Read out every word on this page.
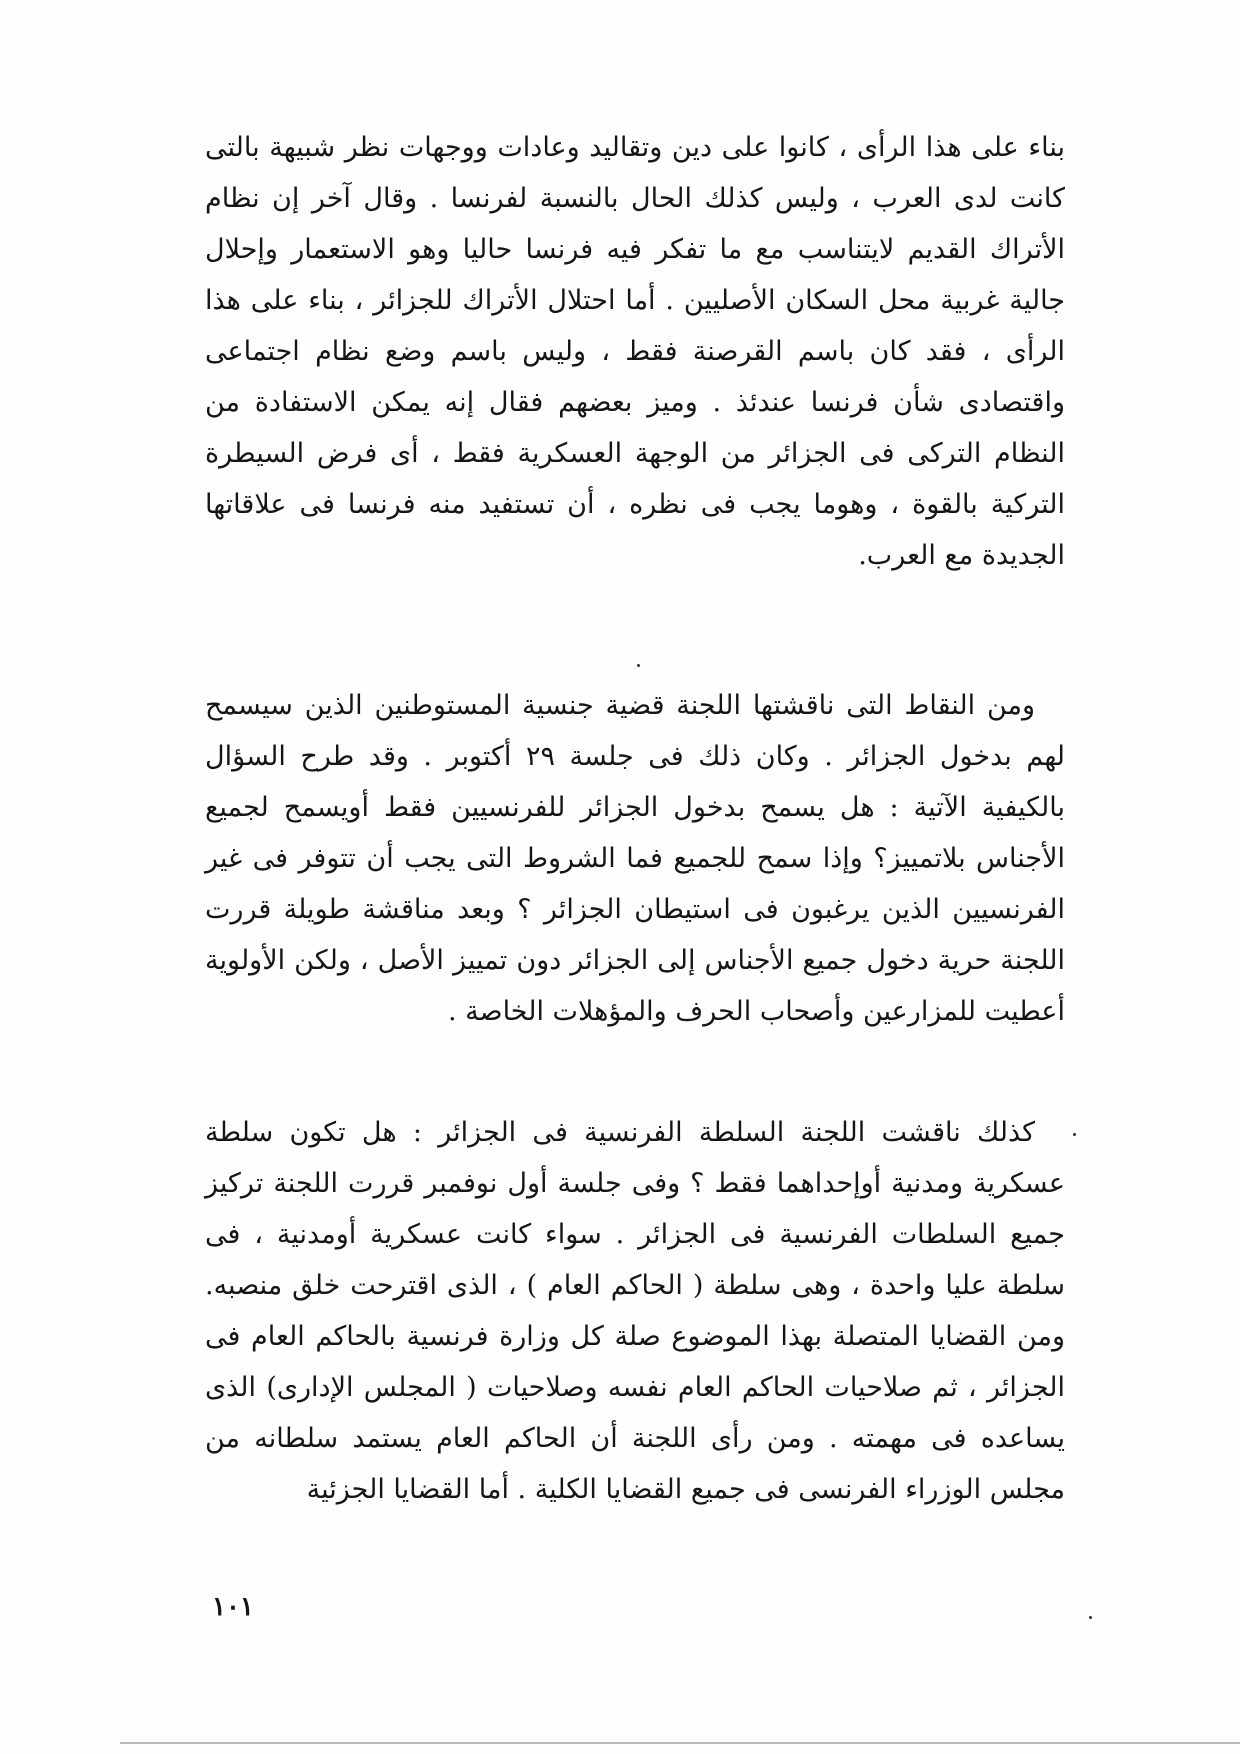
بناء على هذا الرأى ، كانوا على دين وتقاليد وعادات ووجهات نظر شبيهة بالتى كانت لدى العرب ، وليس كذلك الحال بالنسبة لفرنسا . وقال آخر إن نظام الأتراك القديم لايتناسب مع ما تفكر فيه فرنسا حاليا وهو الاستعمار وإحلال جالية غربية محل السكان الأصليين . أما احتلال الأتراك للجزائر ، بناء على هذا الرأى ، فقد كان باسم القرصنة فقط ، وليس باسم وضع نظام اجتماعى واقتصادى شأن فرنسا عندئذ . وميز بعضهم فقال إنه يمكن الاستفادة من النظام التركى فى الجزائر من الوجهة العسكرية فقط ، أى فرض السيطرة التركية بالقوة ، وهوما يجب فى نظره ، أن تستفيد منه فرنسا فى علاقاتها الجديدة مع العرب.

ومن النقاط التى ناقشتها اللجنة قضية جنسية المستوطنين الذين سيسمح لهم بدخول الجزائر . وكان ذلك فى جلسة ٢٩ أكتوبر . وقد طرح السؤال بالكيفية الآتية : هل يسمح بدخول الجزائر للفرنسيين فقط أويسمح لجميع الأجناس بلاتمييز؟ وإذا سمح للجميع فما الشروط التى يجب أن تتوفر فى غير الفرنسيين الذين يرغبون فى استيطان الجزائر ؟ وبعد مناقشة طويلة قررت اللجنة حرية دخول جميع الأجناس إلى الجزائر دون تمييز الأصل ، ولكن الأولوية أعطيت للمزارعين وأصحاب الحرف والمؤهلات الخاصة .

كذلك ناقشت اللجنة السلطة الفرنسية فى الجزائر : هل تكون سلطة عسكرية ومدنية أوإحداهما فقط ؟ وفى جلسة أول نوفمبر قررت اللجنة تركيز جميع السلطات الفرنسية فى الجزائر . سواء كانت عسكرية أومدنية ، فى سلطة عليا واحدة ، وهى سلطة ( الحاكم العام ) ، الذى اقترحت خلق منصبه. ومن القضايا المتصلة بهذا الموضوع صلة كل وزارة فرنسية بالحاكم العام فى الجزائر ، ثم صلاحيات الحاكم العام نفسه وصلاحيات ( المجلس الإدارى) الذى يساعده فى مهمته . ومن رأى اللجنة أن الحاكم العام يستمد سلطانه من مجلس الوزراء الفرنسى فى جميع القضايا الكلية . أما القضايا الجزئية

١٠١
